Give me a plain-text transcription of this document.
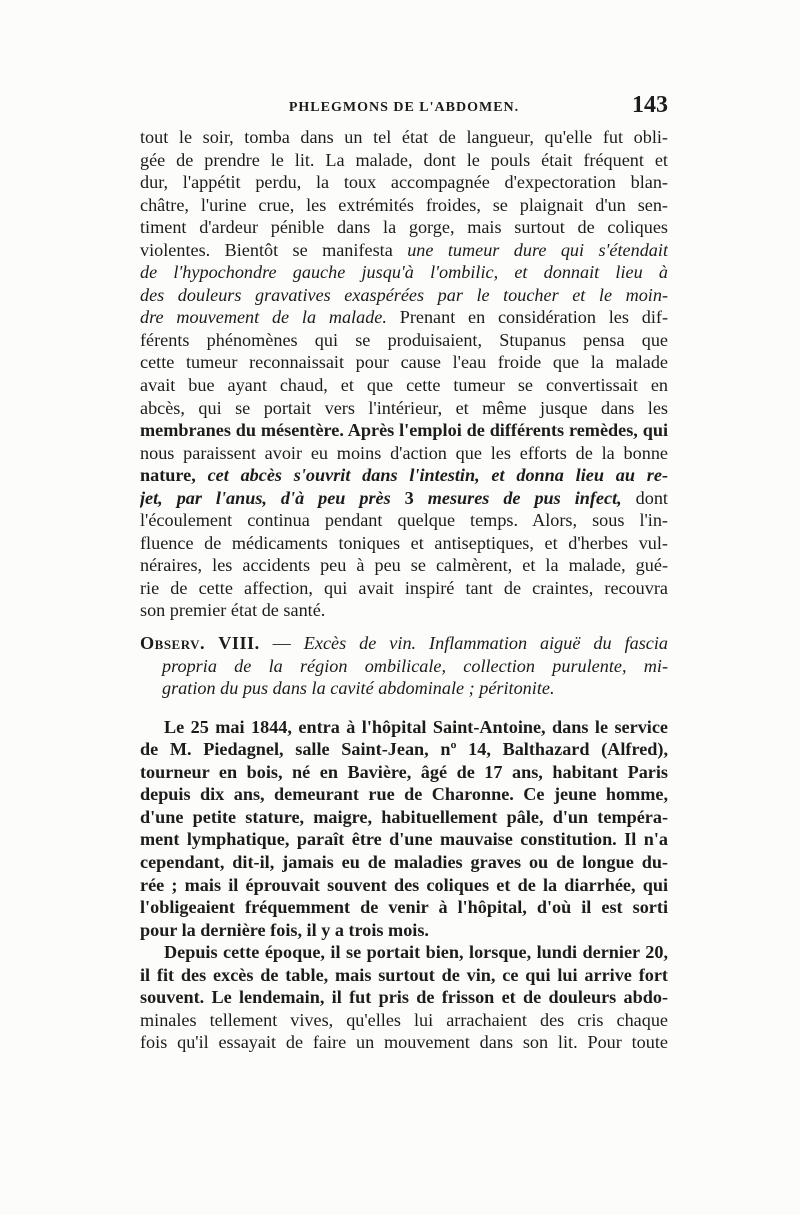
PHLEGMONS DE L'ABDOMEN.	143
tout le soir, tomba dans un tel état de langueur, qu'elle fut obli-
gée de prendre le lit. La malade, dont le pouls était fréquent et
dur, l'appétit perdu, la toux accompagnée d'expectoration blan-
châtre, l'urine crue, les extrémités froides, se plaignait d'un sen-
timent d'ardeur pénible dans la gorge, mais surtout de coliques
violentes. Bientôt se manifesta une tumeur dure qui s'étendait
de l'hypochondre gauche jusqu'à l'ombilic, et donnait lieu à
des douleurs gravatives exaspérées par le toucher et le moin-
dre mouvement de la malade. Prenant en considération les dif-
férents phénomènes qui se produisaient, Stupanus pensa que
cette tumeur reconnaissait pour cause l'eau froide que la malade
avait bue ayant chaud, et que cette tumeur se convertissait en
abcès, qui se portait vers l'intérieur, et même jusque dans les
membranes du mésentère. Après l'emploi de différents remèdes, qui
nous paraissent avoir eu moins d'action que les efforts de la bonne
nature, cet abcès s'ouvrit dans l'intestin, et donna lieu au re-
jet, par l'anus, d'à peu près 3 mesures de pus infect, dont
l'écoulement continua pendant quelque temps. Alors, sous l'in-
fluence de médicaments toniques et antiseptiques, et d'herbes vul-
néraires, les accidents peu à peu se calmèrent, et la malade, gué-
rie de cette affection, qui avait inspiré tant de craintes, recouvra
son premier état de santé.
Observ. VIII. — Excès de vin. Inflammation aiguë du fascia
propria de la région ombilicale, collection purulente, mi-
gration du pus dans la cavité abdominale ; péritonite.
Le 25 mai 1844, entra à l'hôpital Saint-Antoine, dans le service
de M. Piedagnel, salle Saint-Jean, nº 14, Balthazard (Alfred),
tourneur en bois, né en Bavière, âgé de 17 ans, habitant Paris
depuis dix ans, demeurant rue de Charonne. Ce jeune homme,
d'une petite stature, maigre, habituellement pâle, d'un tempéra-
ment lymphatique, paraît être d'une mauvaise constitution. Il n'a
cependant, dit-il, jamais eu de maladies graves ou de longue du-
rée ; mais il éprouvait souvent des coliques et de la diarrhée, qui
l'obligeaient fréquemment de venir à l'hôpital, d'où il est sorti
pour la dernière fois, il y a trois mois.
Depuis cette époque, il se portait bien, lorsque, lundi dernier 20,
il fit des excès de table, mais surtout de vin, ce qui lui arrive fort
souvent. Le lendemain, il fut pris de frisson et de douleurs abdo-
minales tellement vives, qu'elles lui arrachaient des cris chaque
fois qu'il essayait de faire un mouvement dans son lit. Pour toute
